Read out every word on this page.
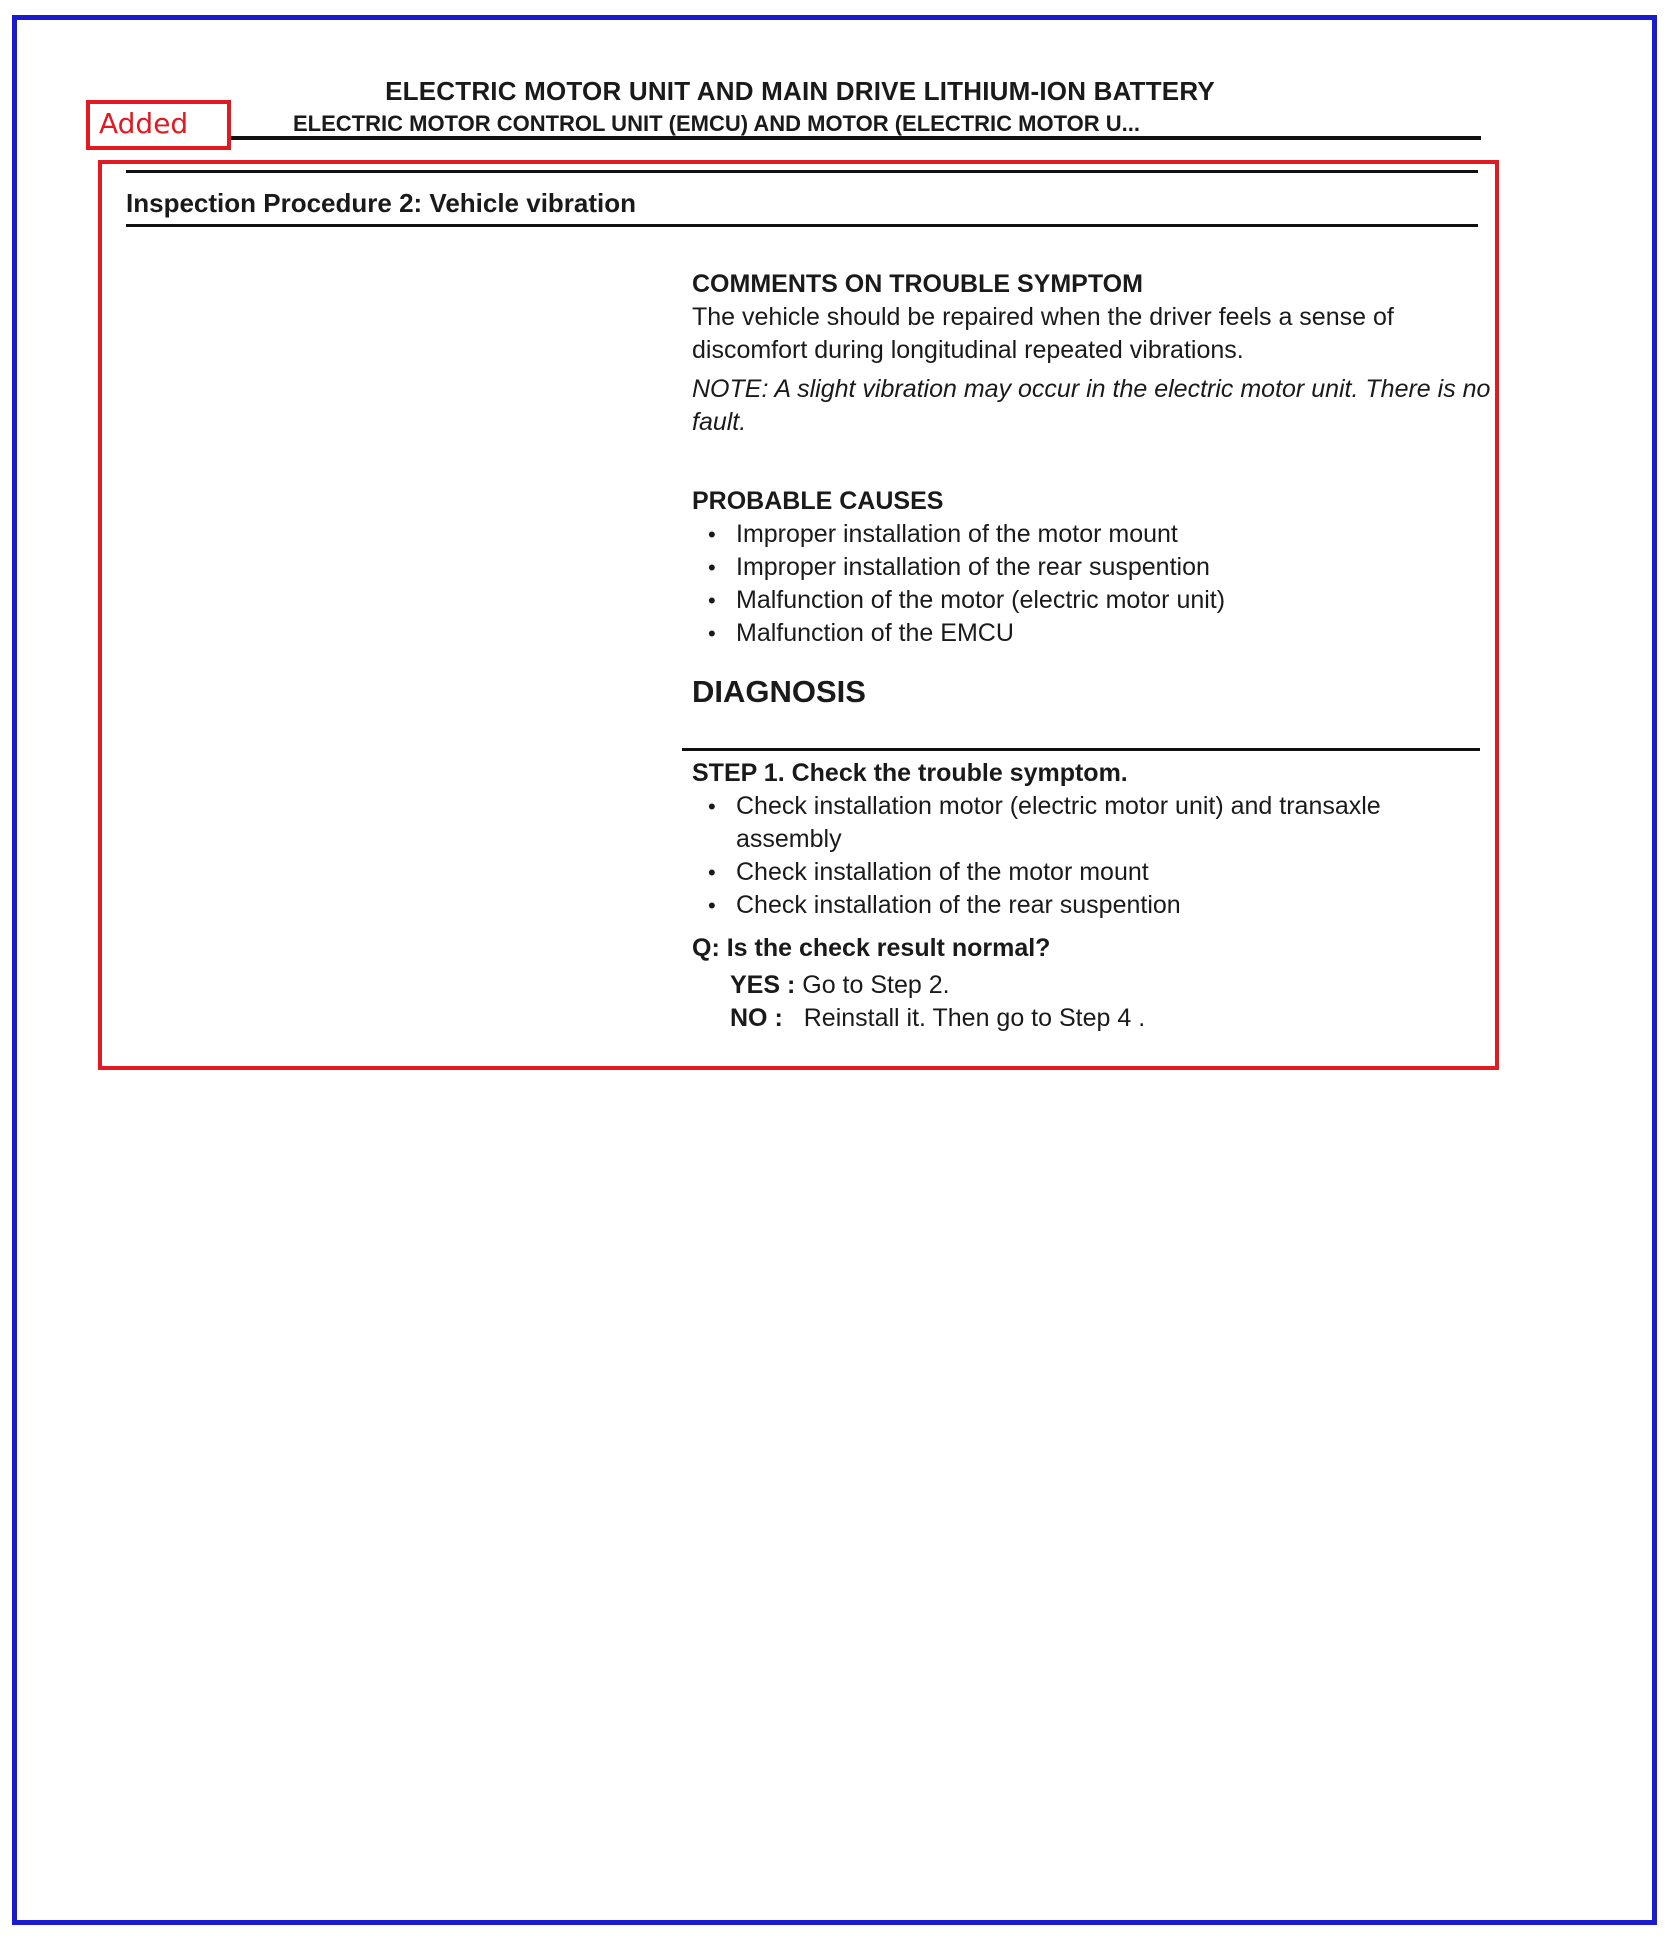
ELECTRIC MOTOR UNIT AND MAIN DRIVE LITHIUM-ION BATTERY
ELECTRIC MOTOR CONTROL UNIT (EMCU) AND MOTOR (ELECTRIC MOTOR U...
Added
Inspection Procedure 2: Vehicle vibration

COMMENTS ON TROUBLE SYMPTOM

The vehicle should be repaired when the driver feels a sense of discomfort during longitudinal repeated vibrations.

NOTE: A slight vibration may occur in the electric motor unit. There is no fault.

PROBABLE CAUSES

• Improper installation of the motor mount
• Improper installation of the rear suspention
• Malfunction of the motor (electric motor unit)
• Malfunction of the EMCU

DIAGNOSIS

STEP 1. Check the trouble symptom.

• Check installation motor (electric motor unit) and transaxle assembly
• Check installation of the motor mount
• Check installation of the rear suspention

Q: Is the check result normal?

YES : Go to Step 2.
NO : Reinstall it. Then go to Step 4 .
